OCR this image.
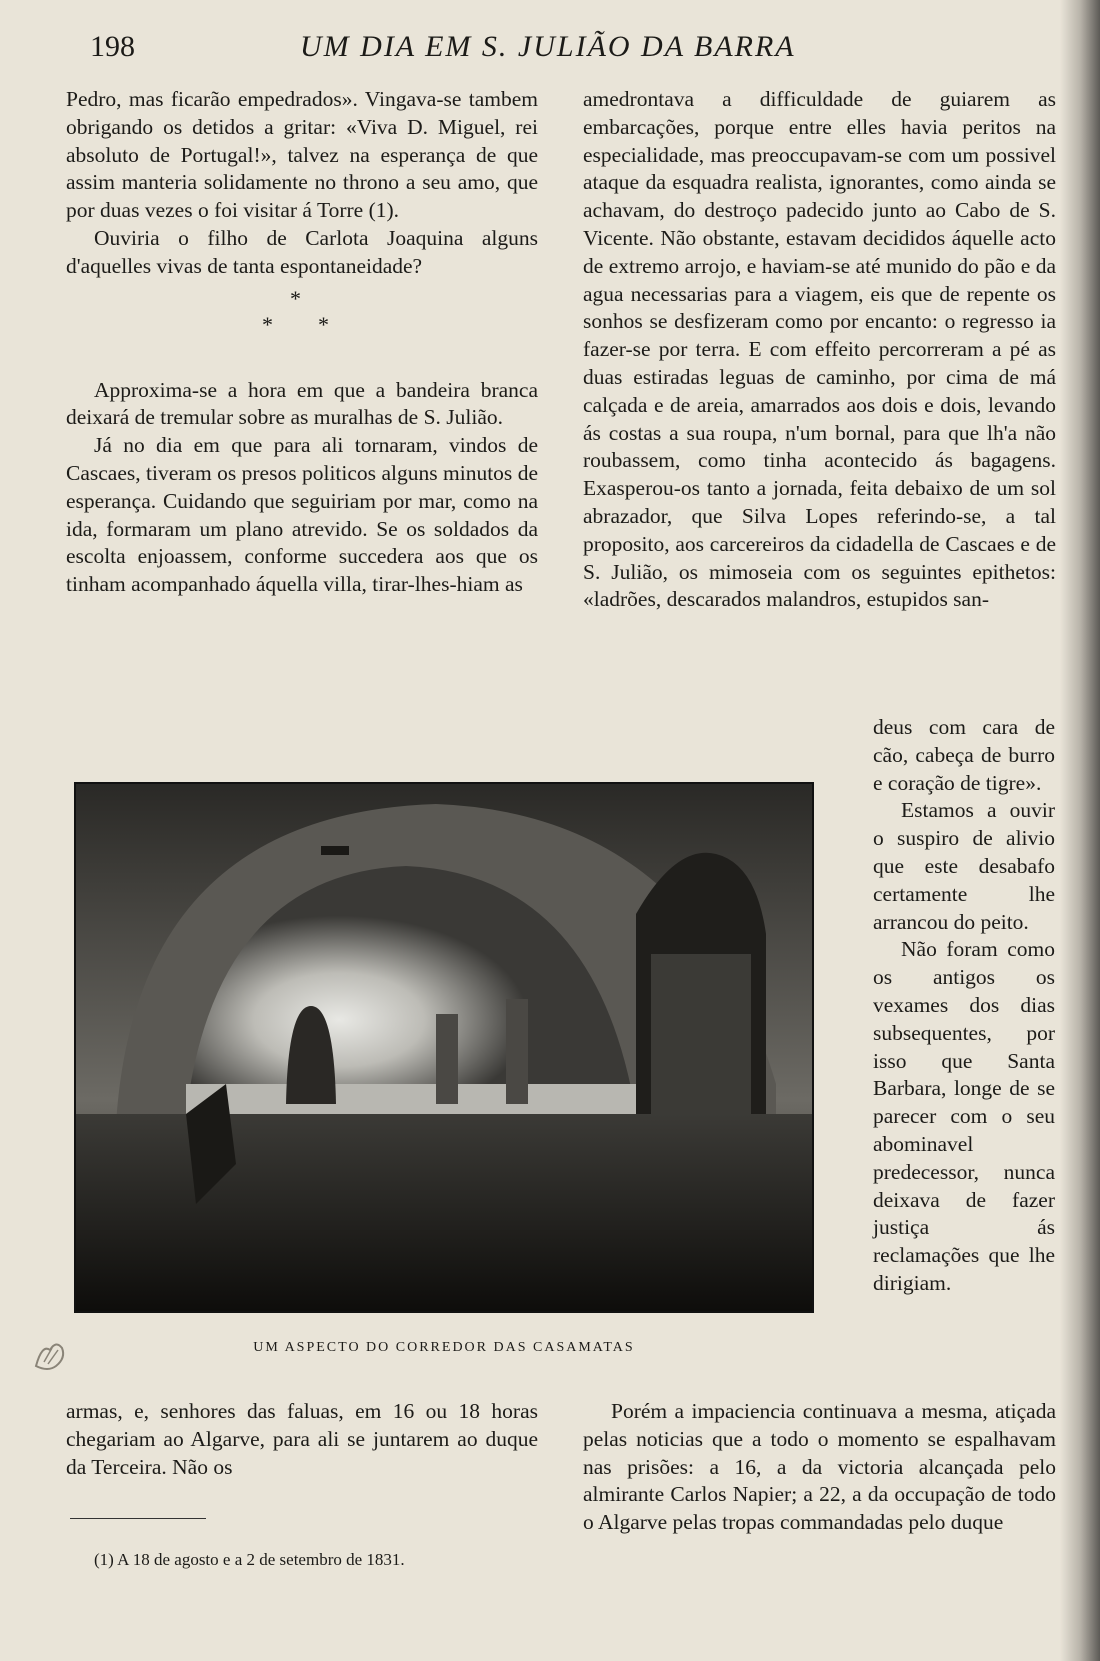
198	UM DIA EM S. JULIÃO DA BARRA

Pedro, mas ficarão empedrados». Vingava-se tambem obrigando os detidos a gritar: «Viva D. Miguel, rei absoluto de Portugal!», talvez na esperança de que assim manteria solidamente no throno a seu amo, que por duas vezes o foi visitar á Torre (1).

Ouviria o filho de Carlota Joaquina alguns d'aquelles vivas de tanta espontaneidade?

*
* *

Approxima-se a hora em que a bandeira branca deixará de tremular sobre as muralhas de S. Julião.

Já no dia em que para ali tornaram, vindos de Cascaes, tiveram os presos politicos alguns minutos de esperança. Cuidando que seguiriam por mar, como na ida, formaram um plano atrevido. Se os soldados da escolta enjoassem, conforme succedera aos que os tinham acompanhado áquella villa, tirar-lhes-hiam as

amedrontava a difficuldade de guiarem as embarcações, porque entre elles havia peritos na especialidade, mas preoccupavam-se com um possivel ataque da esquadra realista, ignorantes, como ainda se achavam, do destroço padecido junto ao Cabo de S. Vicente. Não obstante, estavam decididos áquelle acto de extremo arrojo, e haviam-se até munido do pão e da agua necessarias para a viagem, eis que de repente os sonhos se desfizeram como por encanto: o regresso ia fazer-se por terra. E com effeito percorreram a pé as duas estiradas leguas de caminho, por cima de má calçada e de areia, amarrados aos dois e dois, levando ás costas a sua roupa, n'um bornal, para que lh'a não roubassem, como tinha acontecido ás bagagens. Exasperou-os tanto a jornada, feita debaixo de um sol abrazador, que Silva Lopes referindo-se, a tal proposito, aos carcereiros da cidadella de Cascaes e de S. Julião, os mimoseia com os seguintes epithetos: «ladrões, descarados malandros, estupidos san-

deus com cara de cão, cabeça de burro e coração de tigre».

Estamos a ouvir o suspiro de alivio que este desabafo certamente lhe arrancou do peito.

Não foram como os antigos os vexames dos dias subsequentes, por isso que Santa Barbara, longe de se parecer com o seu abominavel predecessor, nunca deixava de fazer justiça ás reclamações que lhe dirigiam.

UM ASPECTO DO CORREDOR DAS CASAMATAS

armas, e, senhores das faluas, em 16 ou 18 horas chegariam ao Algarve, para ali se juntarem ao duque da Terceira. Não os

Porém a impaciencia continuava a mesma, atiçada pelas noticias que a todo o momento se espalhavam nas prisões: a 16, a da victoria alcançada pelo almirante Carlos Napier; a 22, a da occupação de todo o Algarve pelas tropas commandadas pelo duque

(1) A 18 de agosto e a 2 de setembro de 1831.
